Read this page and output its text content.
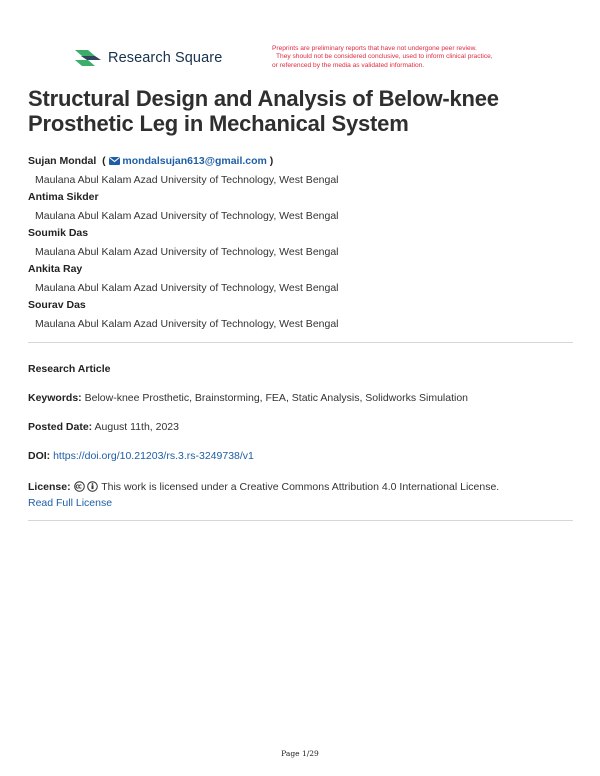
Research Square
Preprints are preliminary reports that have not undergone peer review.
They should not be considered conclusive, used to inform clinical practice,
or referenced by the media as validated information.
Structural Design and Analysis of Below-knee Prosthetic Leg in Mechanical System
Sujan Mondal  (  mondalsujan613@gmail.com )
Maulana Abul Kalam Azad University of Technology, West Bengal
Antima Sikder
Maulana Abul Kalam Azad University of Technology, West Bengal
Soumik Das
Maulana Abul Kalam Azad University of Technology, West Bengal
Ankita Ray
Maulana Abul Kalam Azad University of Technology, West Bengal
Sourav Das
Maulana Abul Kalam Azad University of Technology, West Bengal
Research Article
Keywords: Below-knee Prosthetic, Brainstorming, FEA, Static Analysis, Solidworks Simulation
Posted Date: August 11th, 2023
DOI: https://doi.org/10.21203/rs.3.rs-3249738/v1
License:	This work is licensed under a Creative Commons Attribution 4.0 International License.
Read Full License
Page 1/29
